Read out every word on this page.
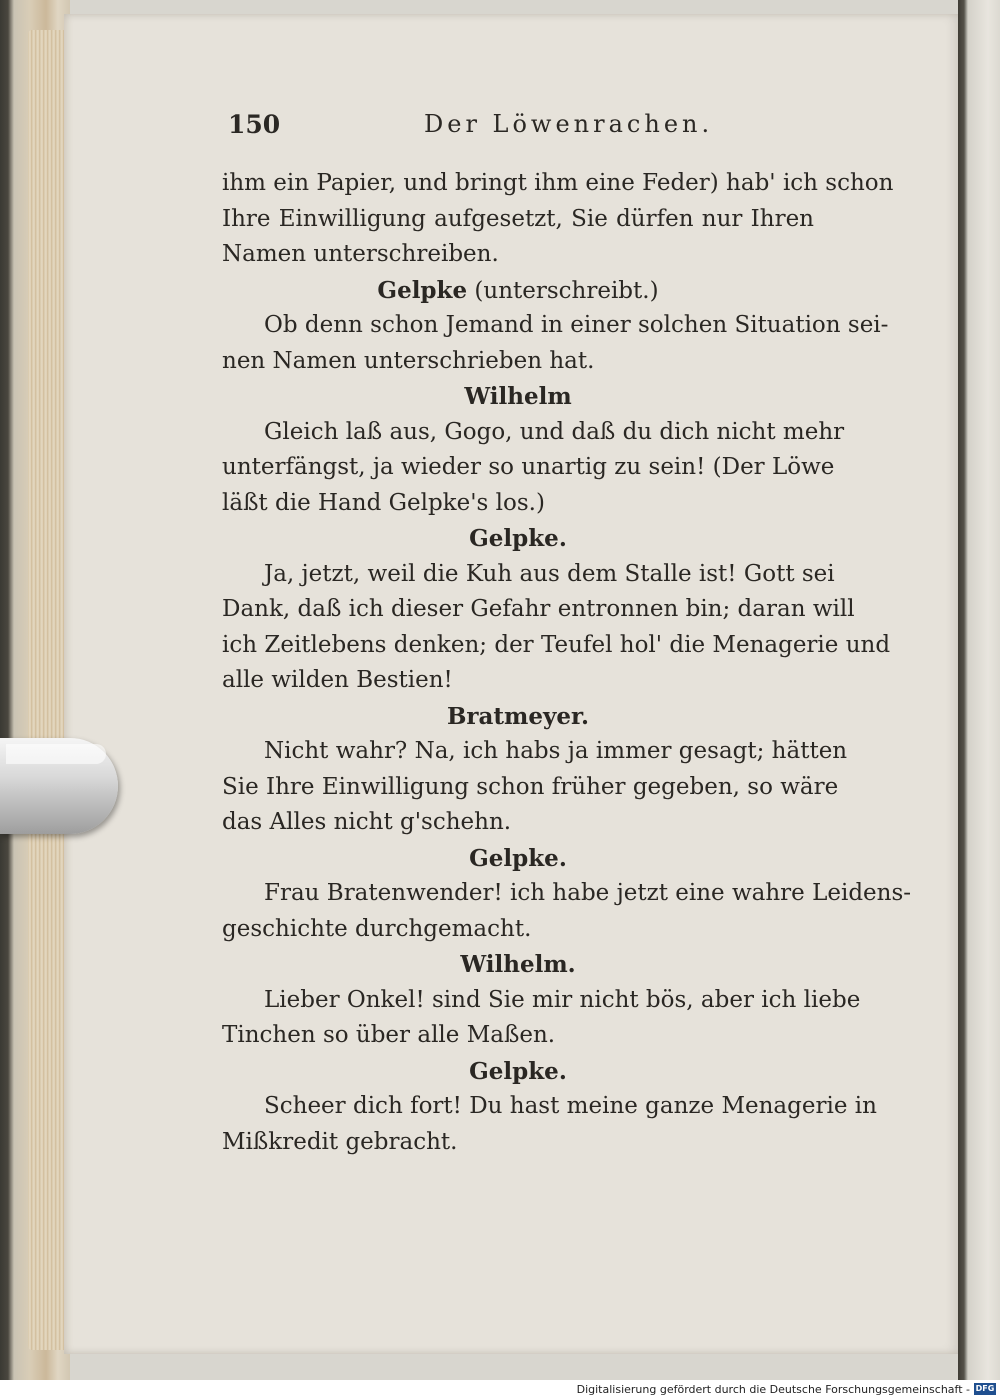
150	Der Löwenrachen.
ihm ein Papier, und bringt ihm eine Feder) hab' ich schon
Ihre Einwilligung aufgesetzt, Sie dürfen nur Ihren
Namen unterschreiben.
Gelpke (unterschreibt.)
Ob denn schon Jemand in einer solchen Situation sei-
nen Namen unterschrieben hat.
Wilhelm
Gleich laß aus, Gogo, und daß du dich nicht mehr
unterfängst, ja wieder so unartig zu sein! (Der Löwe
läßt die Hand Gelpke's los.)
Gelpke.
Ja, jetzt, weil die Kuh aus dem Stalle ist! Gott sei
Dank, daß ich dieser Gefahr entronnen bin; daran will
ich Zeitlebens denken; der Teufel hol' die Menagerie und
alle wilden Bestien!
Bratmeyer.
Nicht wahr? Na, ich habs ja immer gesagt; hätten
Sie Ihre Einwilligung schon früher gegeben, so wäre
das Alles nicht g'schehn.
Gelpke.
Frau Bratenwender! ich habe jetzt eine wahre Leidens-
geschichte durchgemacht.
Wilhelm.
Lieber Onkel! sind Sie mir nicht bös, aber ich liebe
Tinchen so über alle Maßen.
Gelpke.
Scheer dich fort! Du hast meine ganze Menagerie in
Mißkredit gebracht.
Digitalisierung gefördert durch die Deutsche Forschungsgemeinschaft - DFG
